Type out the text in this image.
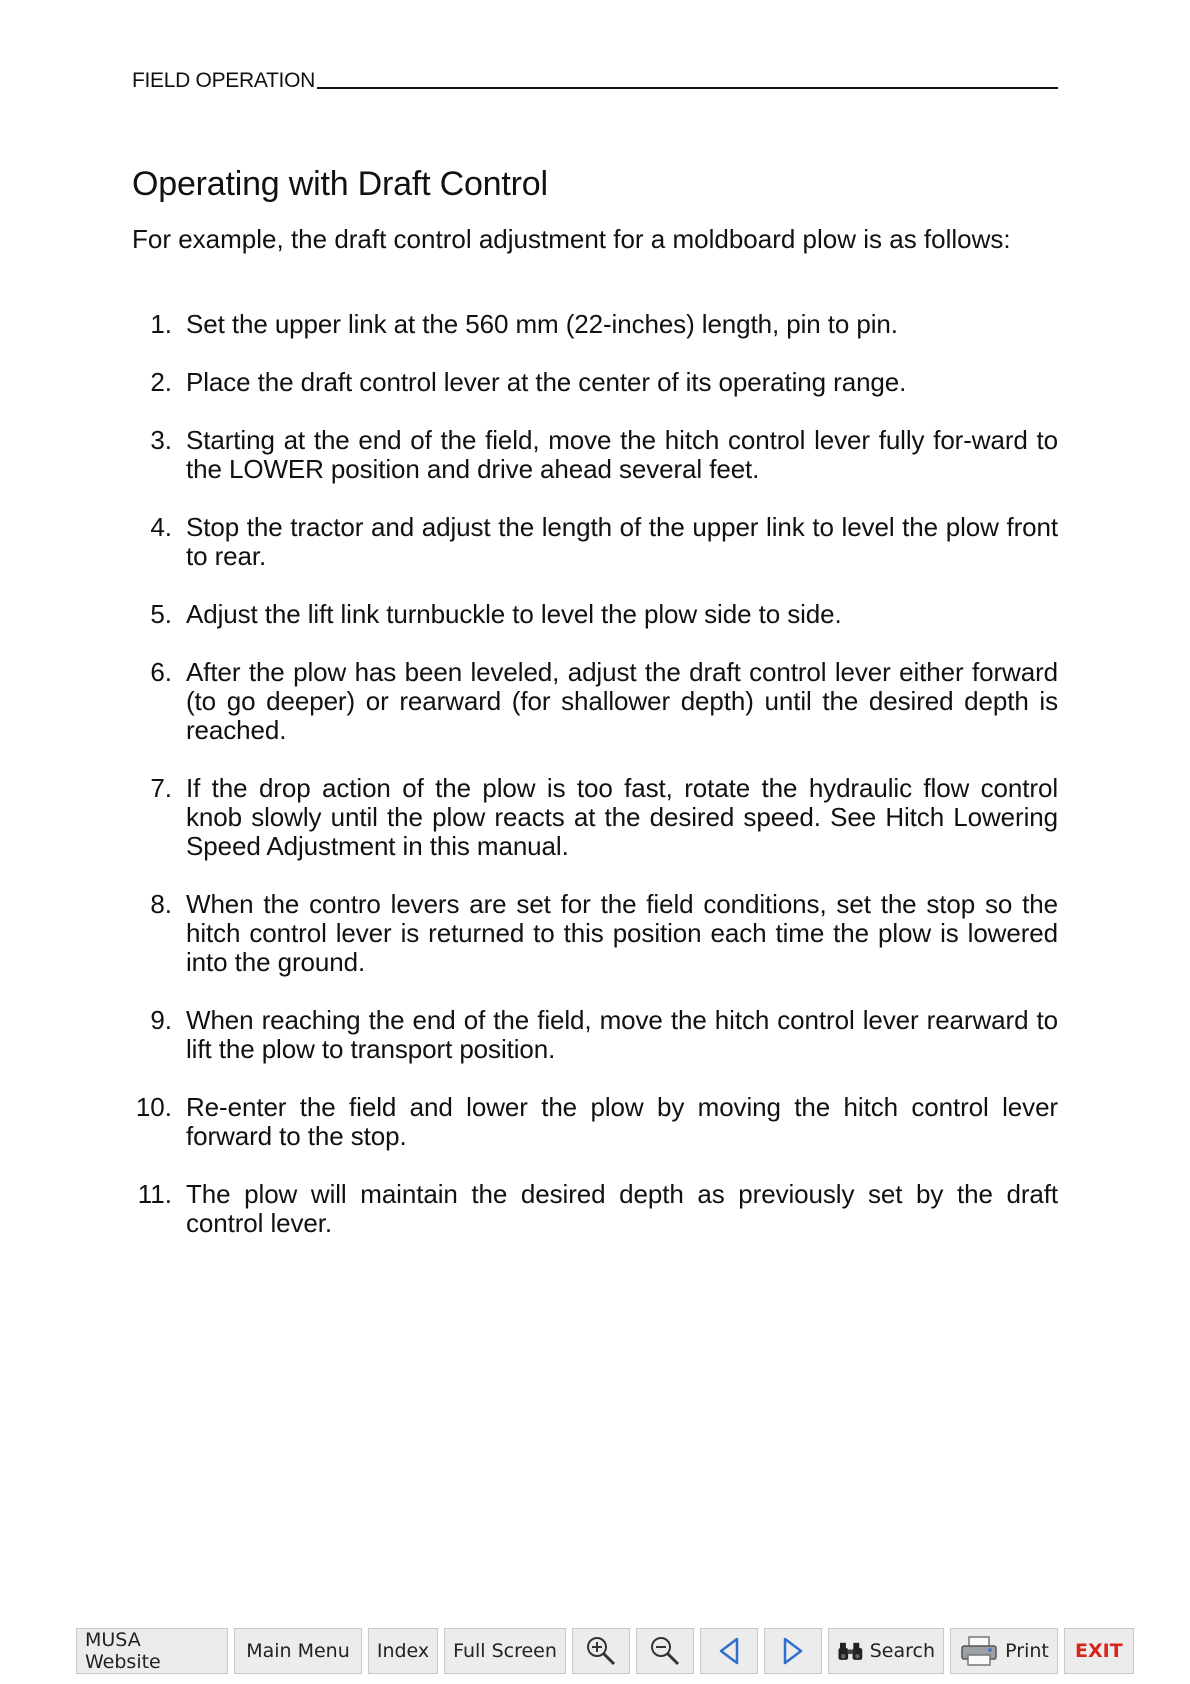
FIELD OPERATION
Operating with Draft Control

For example, the draft control adjustment for a moldboard plow is as follows:

1. Set the upper link at the 560 mm (22-inches) length, pin to pin.
2. Place the draft control lever at the center of its operating range.
3. Starting at the end of the field, move the hitch control lever fully for-ward to the LOWER position and drive ahead several feet.
4. Stop the tractor and adjust the length of the upper link to level the plow front to rear.
5. Adjust the lift link turnbuckle to level the plow side to side.
6. After the plow has been leveled, adjust the draft control lever either forward (to go deeper) or rearward (for shallower depth) until the desired depth is reached.
7. If the drop action of the plow is too fast, rotate the hydraulic flow control knob slowly until the plow reacts at the desired speed. See Hitch Lowering Speed Adjustment in this manual.
8. When the contro levers are set for the field conditions, set the stop so the hitch control lever is returned to this position each time the plow is lowered into the ground.
9. When reaching the end of the field, move the hitch control lever rearward to lift the plow to transport position.
10. Re-enter the field and lower the plow by moving the hitch control lever forward to the stop.
11. The plow will maintain the desired depth as previously set by the draft control lever.
MUSA Website	Main Menu	Index	Full Screen	Search	Print	EXIT
